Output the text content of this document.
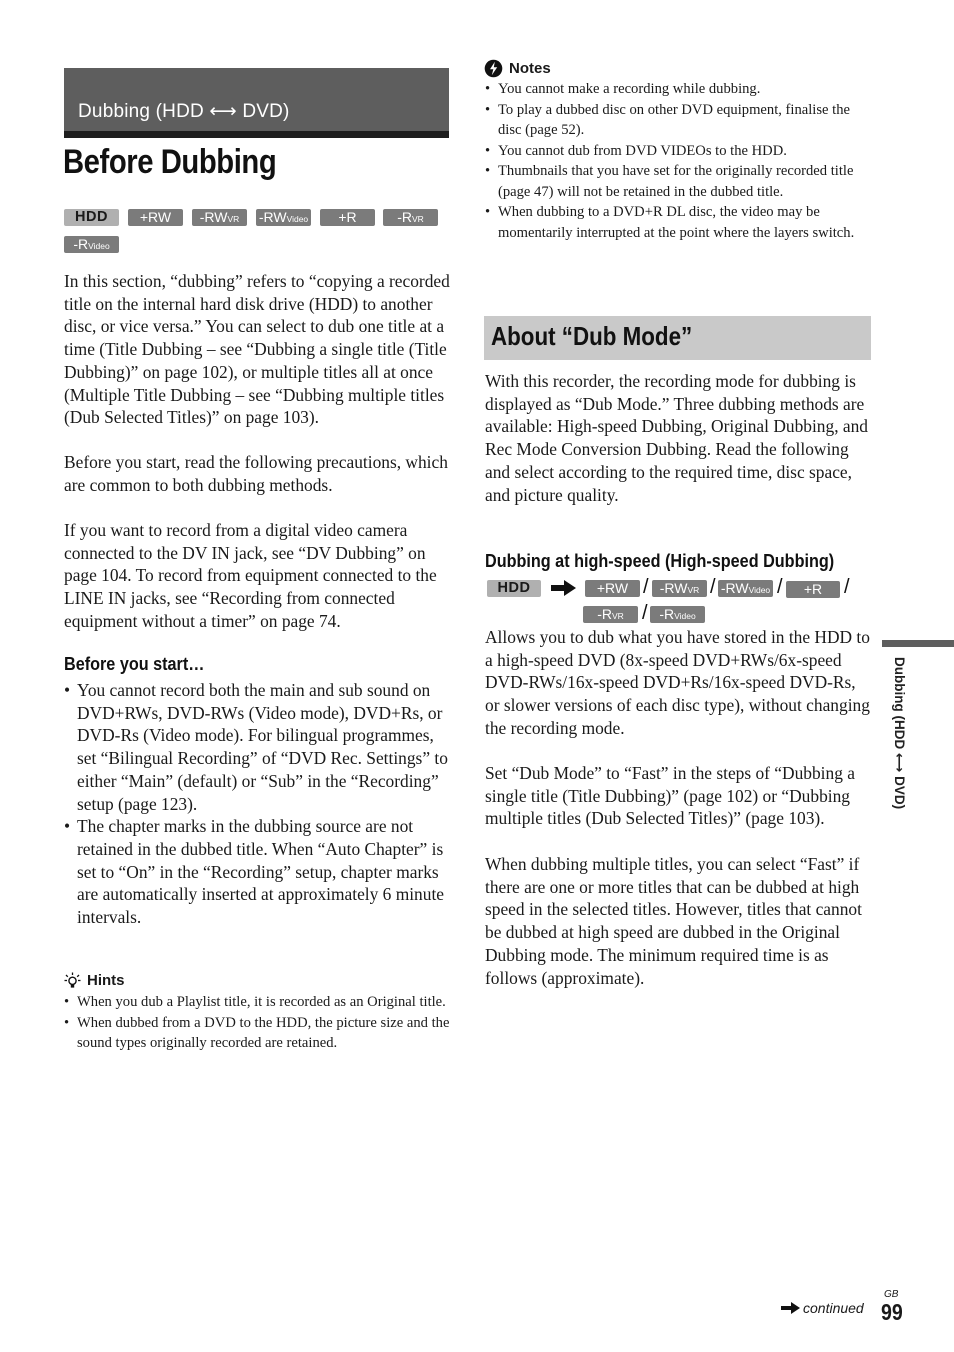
Dubbing (HDD ⟷ DVD)
Before Dubbing
HDD	+RW	-RWVR	-RWVideo	+R	-RVR
-RVideo

In this section, “dubbing” refers to “copying a recorded title on the internal hard disk drive (HDD) to another disc, or vice versa.” You can select to dub one title at a time (Title Dubbing – see “Dubbing a single title (Title Dubbing)” on page 102), or multiple titles all at once (Multiple Title Dubbing – see “Dubbing multiple titles (Dub Selected Titles)” on page 103).

Before you start, read the following precautions, which are common to both dubbing methods.

If you want to record from a digital video camera connected to the DV IN jack, see “DV Dubbing” on page 104. To record from equipment connected to the LINE IN jacks, see “Recording from connected equipment without a timer” on page 74.

Before you start…
• You cannot record both the main and sub sound on DVD+RWs, DVD-RWs (Video mode), DVD+Rs, or DVD-Rs (Video mode). For bilingual programmes, set “Bilingual Recording” of “DVD Rec. Settings” to either “Main” (default) or “Sub” in the “Recording” setup (page 123).
• The chapter marks in the dubbing source are not retained in the dubbed title. When “Auto Chapter” is set to “On” in the “Recording” setup, chapter marks are automatically inserted at approximately 6 minute intervals.
Hints
• When you dub a Playlist title, it is recorded as an Original title.
• When dubbed from a DVD to the HDD, the picture size and the sound types originally recorded are retained.
Notes
• You cannot make a recording while dubbing.
• To play a dubbed disc on other DVD equipment, finalise the disc (page 52).
• You cannot dub from DVD VIDEOs to the HDD.
• Thumbnails that you have set for the originally recorded title (page 47) will not be retained in the dubbed title.
• When dubbing to a DVD+R DL disc, the video may be momentarily interrupted at the point where the layers switch.
About “Dub Mode”

With this recorder, the recording mode for dubbing is displayed as “Dub Mode.” Three dubbing methods are available: High-speed Dubbing, Original Dubbing, and Rec Mode Conversion Dubbing. Read the following and select according to the required time, disc space, and picture quality.

Dubbing at high-speed (High-speed Dubbing)
HDD	+RW / -RWVR / -RWVideo /	+R	/
-RVR / -RVideo

Allows you to dub what you have stored in the HDD to a high-speed DVD (8x-speed DVD+RWs/6x-speed DVD-RWs/16x-speed DVD+Rs/16x-speed DVD-Rs, or slower versions of each disc type), without changing the recording mode.

Set “Dub Mode” to “Fast” in the steps of “Dubbing a single title (Title Dubbing)” (page 102) or “Dubbing multiple titles (Dub Selected Titles)” (page 103).

When dubbing multiple titles, you can select “Fast” if there are one or more titles that can be dubbed at high speed in the selected titles. However, titles that cannot be dubbed at high speed are dubbed in the Original Dubbing mode. The minimum required time is as follows (approximate).

Dubbing (HDD ⟷ DVD)
continued
GB
99
